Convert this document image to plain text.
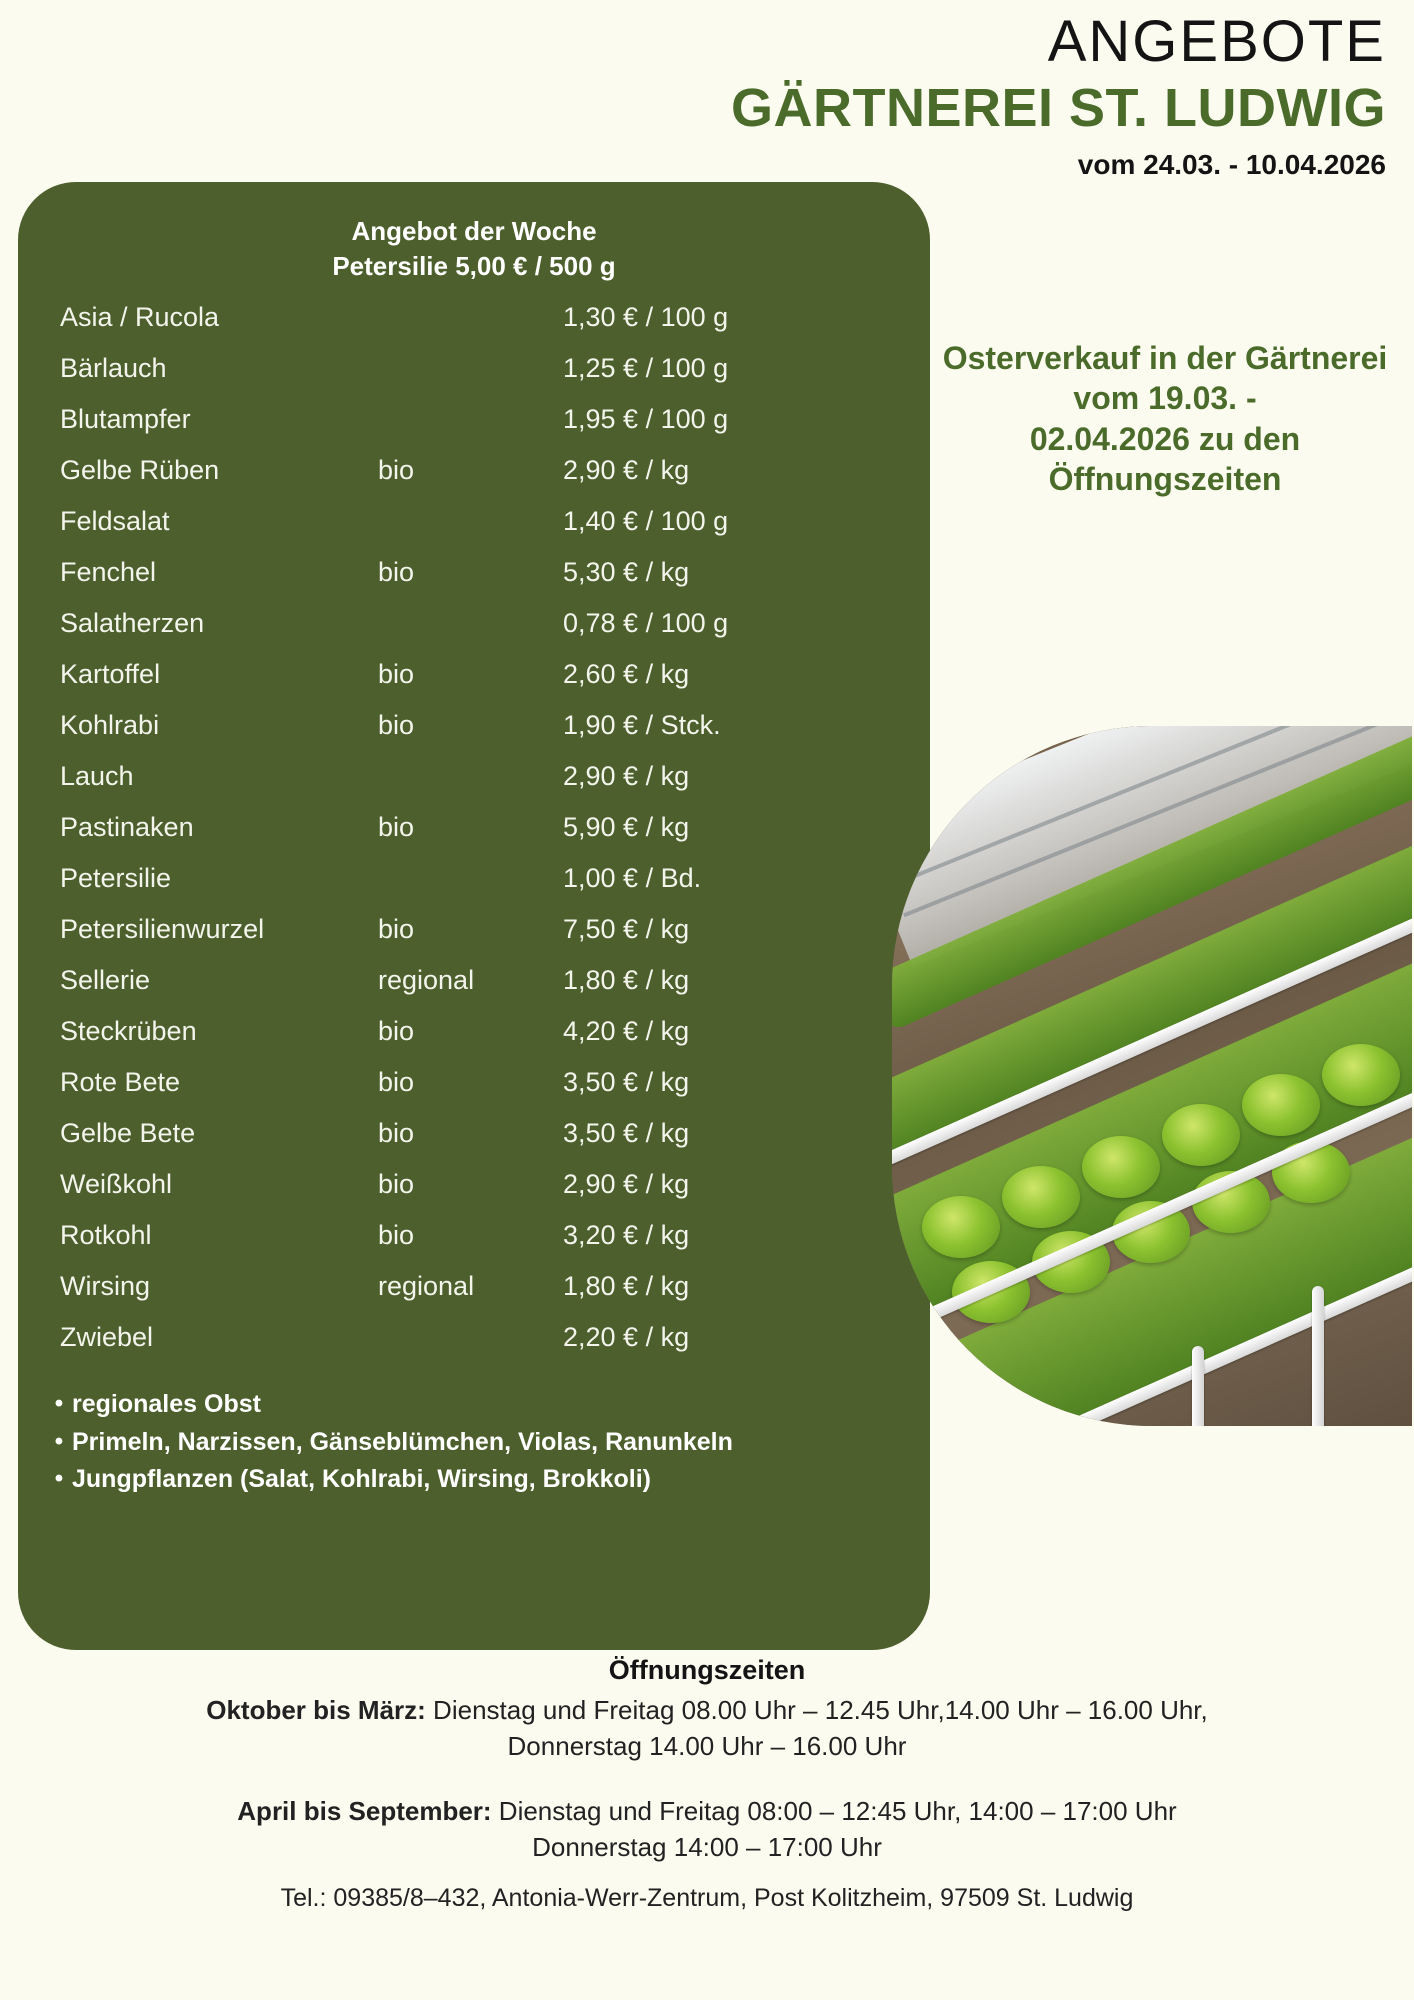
ANGEBOTE
GÄRTNEREI ST. LUDWIG
vom 24.03. - 10.04.2026
Angebot der Woche
Petersilie 5,00 € / 500 g
Asia / Rucola	1,30 € / 100 g
Bärlauch	1,25 € / 100 g
Blutampfer	1,95 € / 100 g
Gelbe Rüben	bio	2,90 € / kg
Feldsalat	1,40 € / 100 g
Fenchel	bio	5,30 € / kg
Salatherzen	0,78 € / 100 g
Kartoffel	bio	2,60 € / kg
Kohlrabi	bio	1,90 € / Stck.
Lauch	2,90 € / kg
Pastinaken	bio	5,90 € / kg
Petersilie	1,00 € / Bd.
Petersilienwurzel	bio	7,50 € / kg
Sellerie	regional	1,80 € / kg
Steckrüben	bio	4,20 € / kg
Rote Bete	bio	3,50 € / kg
Gelbe Bete	bio	3,50 € / kg
Weißkohl	bio	2,90 € / kg
Rotkohl	bio	3,20 € / kg
Wirsing	regional	1,80 € / kg
Zwiebel	2,20 € / kg
• regionales Obst
• Primeln, Narzissen, Gänseblümchen, Violas, Ranunkeln
• Jungpflanzen (Salat, Kohlrabi, Wirsing, Brokkoli)
Osterverkauf in der Gärtnerei
vom 19.03. -
02.04.2026 zu den Öffnungszeiten
Öffnungszeiten
Oktober bis März: Dienstag und Freitag 08.00 Uhr – 12.45 Uhr,14.00 Uhr – 16.00 Uhr,
Donnerstag 14.00 Uhr – 16.00 Uhr
April bis September: Dienstag und Freitag 08:00 – 12:45 Uhr, 14:00 – 17:00 Uhr
Donnerstag 14:00 – 17:00 Uhr
Tel.: 09385/8–432, Antonia-Werr-Zentrum, Post Kolitzheim, 97509 St. Ludwig
